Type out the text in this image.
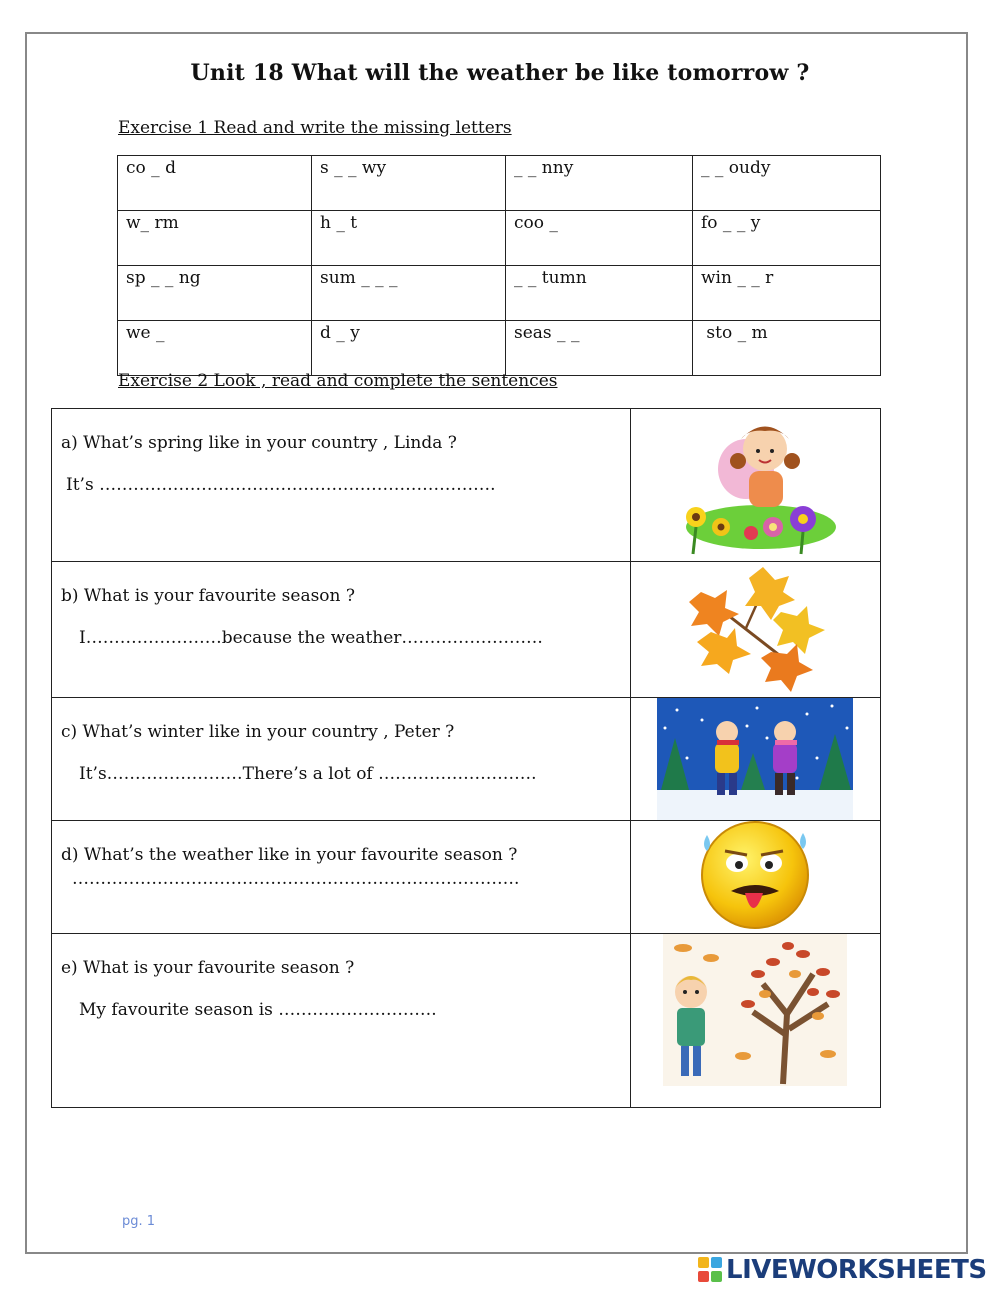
Unit 18 What will the weather be like tomorrow ?
Exercise 1 Read and write the missing letters
co _ d	s _ _ wy	_ _ nny	_ _ oudy
w_ rm	h _ t	coo _	fo _ _ y
sp _ _ ng	sum _ _ _	_ _ tumn	win _ _ r
we _	d _ y	seas _ _	sto _ m
Exercise 2 Look , read and complete the sentences
a) What’s spring like in your country , Linda ?
It’s …………………………………………………………….

b) What is your favourite season ?
I……………………because the weather…………………….

c) What’s winter like in your country , Peter ?
It’s……………………There’s a lot of ……………………….

d) What’s the weather like in your favourite season ?
…………………………………………………………………….

e) What is your favourite season ?
My favourite season is ……………………….

pg. 1
LIVEWORKSHEETS
